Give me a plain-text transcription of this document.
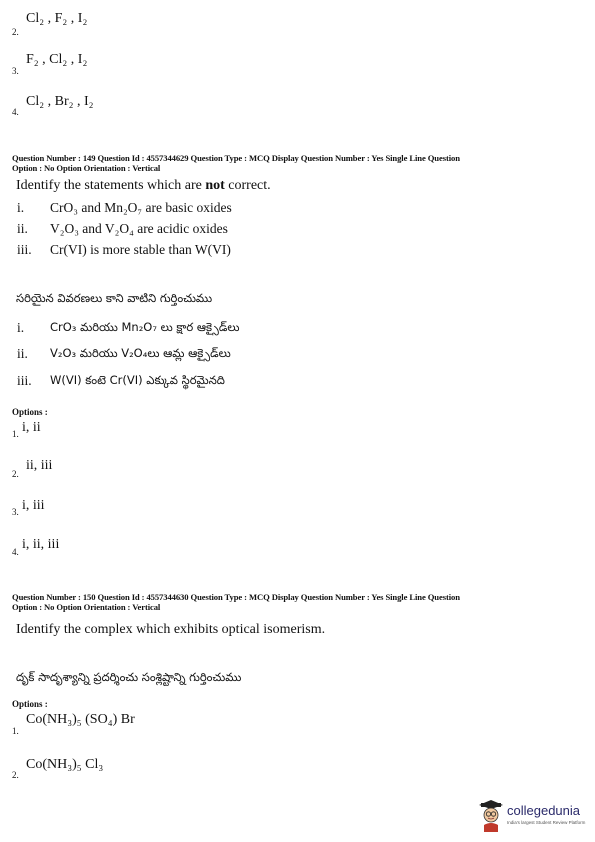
2.
Cl₂ , F₂ , I₂
3.
F₂ , Cl₂ , I₂
4.
Cl₂ , Br₂ , I₂
Question Number : 149 Question Id : 4557344629 Question Type : MCQ Display Question Number : Yes Single Line Question
Option : No Option Orientation : Vertical
Identify the statements which are not correct.
i. CrO₃ and Mn₂O₇ are basic oxides
ii. V₂O₃ and V₂O₄ are acidic oxides
iii. Cr(VI) is more stable than W(VI)
సరియైన వివరణలు కాని వాటిని గుర్తించుము
i. CrO₃ మరియు Mn₂O₇ లు క్షార ఆక్సైడ్‌లు
ii. V₂O₃ మరియు V₂O₄లు ఆమ్ల ఆక్సైడ్‌లు
iii. W(VI) కంటె Cr(VI) ఎక్కువ స్థిరమైనది
Options :
1. i, ii
2.
ii, iii
3. i, iii
4. i, ii, iii
Question Number : 150 Question Id : 4557344630 Question Type : MCQ Display Question Number : Yes Single Line Question
Option : No Option Orientation : Vertical
Identify the complex which exhibits optical isomerism.
దృక్ సాదృశ్యాన్ని ప్రదర్శించు సంశ్లిష్టాన్ని గుర్తించుము
Options :
1.
Co(NH₃)₅ (SO₄) Br
2.
Co(NH₃)₅ Cl₃
collegedunia
India's largest Student Review Platform
